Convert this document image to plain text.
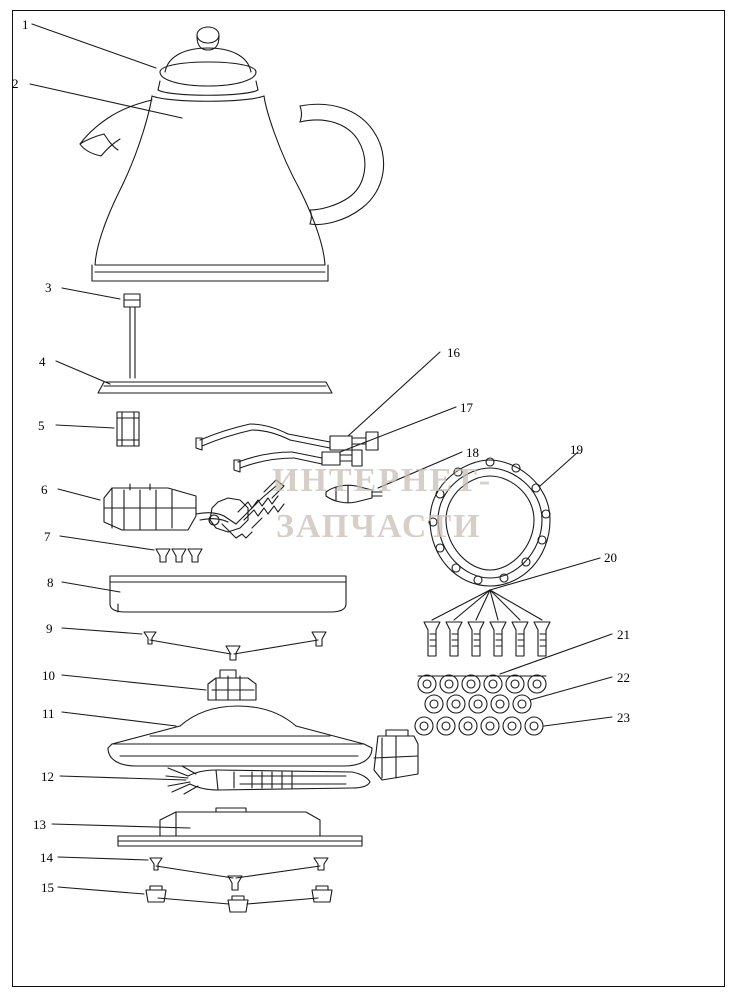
ИНТЕРНЕТ-
ЗАПЧАСТИ
1
2
3
4
5
6
7
8
9
10
11
12
13
14
15
16
17
18	19
20
21
22
23
